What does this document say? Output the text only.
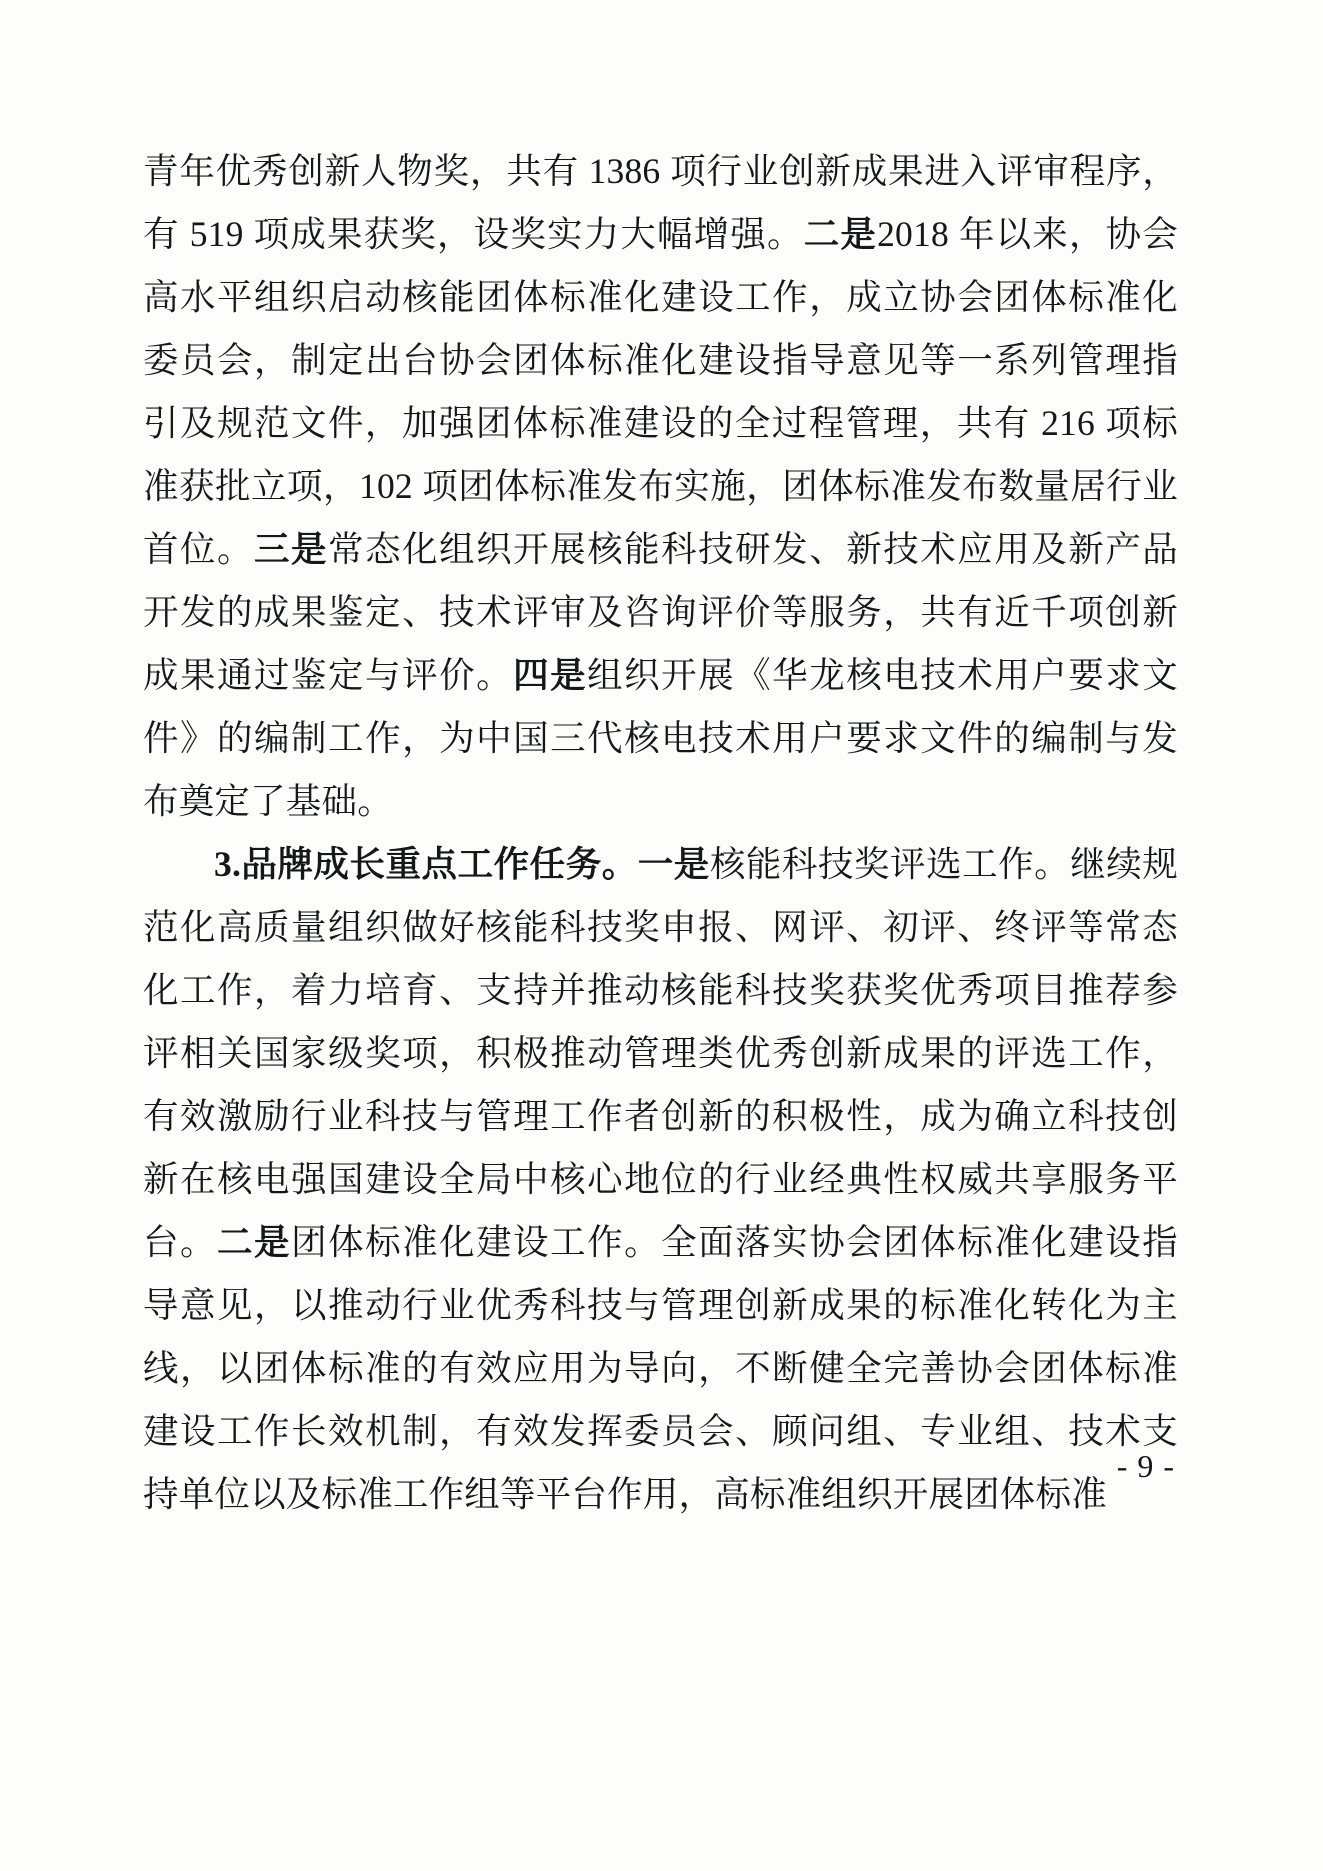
青年优秀创新人物奖，共有 1386 项行业创新成果进入评审程序，有 519 项成果获奖，设奖实力大幅增强。二是2018 年以来，协会高水平组织启动核能团体标准化建设工作，成立协会团体标准化委员会，制定出台协会团体标准化建设指导意见等一系列管理指引及规范文件，加强团体标准建设的全过程管理，共有 216 项标准获批立项，102 项团体标准发布实施，团体标准发布数量居行业首位。三是常态化组织开展核能科技研发、新技术应用及新产品开发的成果鉴定、技术评审及咨询评价等服务，共有近千项创新成果通过鉴定与评价。四是组织开展《华龙核电技术用户要求文件》的编制工作，为中国三代核电技术用户要求文件的编制与发布奠定了基础。

3.品牌成长重点工作任务。一是核能科技奖评选工作。继续规范化高质量组织做好核能科技奖申报、网评、初评、终评等常态化工作，着力培育、支持并推动核能科技奖获奖优秀项目推荐参评相关国家级奖项，积极推动管理类优秀创新成果的评选工作，有效激励行业科技与管理工作者创新的积极性，成为确立科技创新在核电强国建设全局中核心地位的行业经典性权威共享服务平台。二是团体标准化建设工作。全面落实协会团体标准化建设指导意见，以推动行业优秀科技与管理创新成果的标准化转化为主线，以团体标准的有效应用为导向，不断健全完善协会团体标准建设工作长效机制，有效发挥委员会、顾问组、专业组、技术支持单位以及标准工作组等平台作用，高标准组织开展团体标准

- 9 -
